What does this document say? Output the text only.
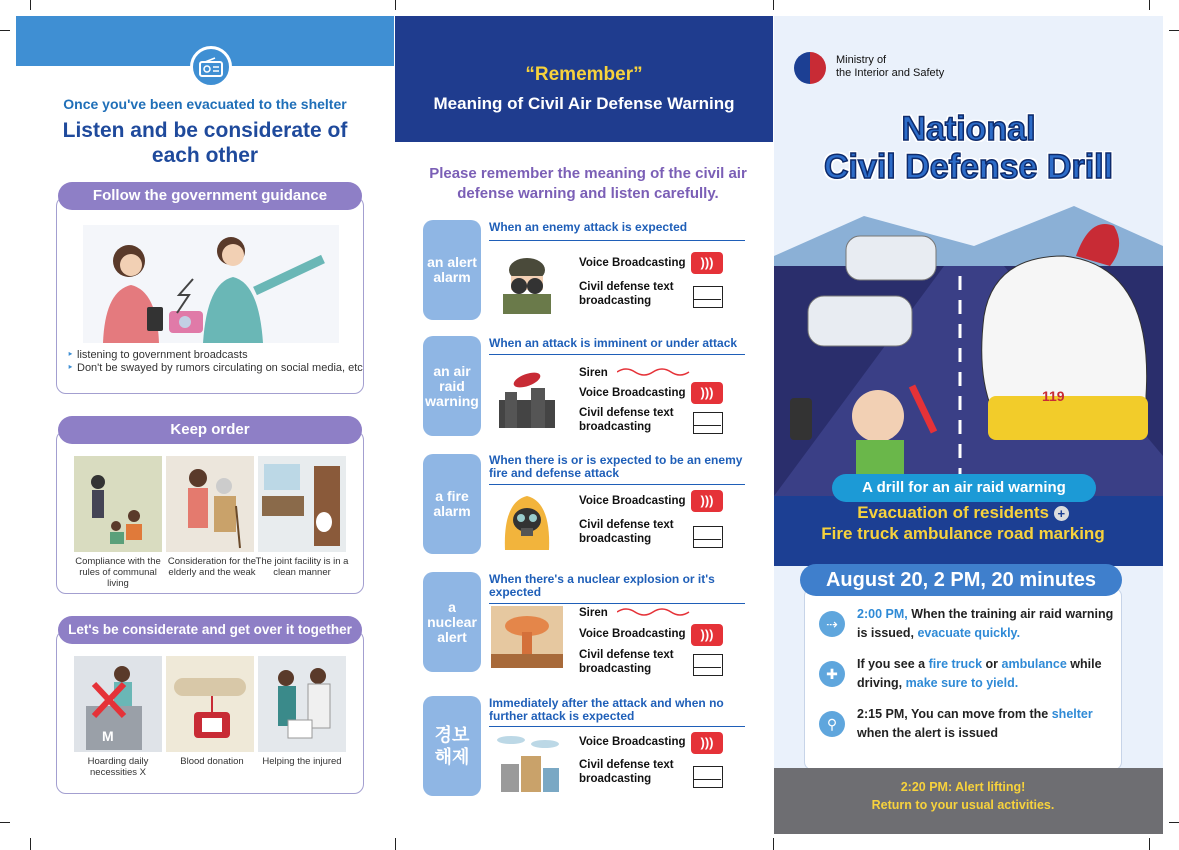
Once you've been evacuated to the shelter
Listen and be considerate of
each other
‣ listening to government broadcasts
‣ Don't be swayed by rumors circulating on social media, etc
Follow the government guidance
Keep order
Compliance with the rules of communal living
Consideration for the elderly and the weak
The joint facility is in a clean manner
Let's be considerate and get over it together
M
Hoarding daily necessities X
Blood donation	Helping the injured
“Remember”
Meaning of Civil Air Defense Warning
Please remember the meaning of the civil air defense warning and listen carefully.
an alert alarm
When an enemy attack is expected
Voice Broadcasting	)))
Civil defense text broadcasting
an air raid warning
When an attack is imminent or under attack
Siren
Voice Broadcasting	)))
Civil defense text broadcasting
a fire alarm
When there is or is expected to be an enemy fire and defense attack
Voice Broadcasting	)))
Civil defense text broadcasting
a nuclear alert
When there's a nuclear explosion or it's expected
Siren
Voice Broadcasting	)))
Civil defense text broadcasting
경보 해제
Immediately after the attack and when no further attack is expected
Voice Broadcasting	)))
Civil defense text broadcasting
Ministry of
the Interior and Safety
National
Civil Defense Drill
119
A drill for an air raid warning
Evacuation of residents +
Fire truck ambulance road marking
⇢
2:00 PM, When the training air raid warning is issued, evacuate quickly.
✚
If you see a fire truck or ambulance while driving, make sure to yield.
⚲
2:15 PM, You can move from the shelter when the alert is issued
August 20, 2 PM, 20 minutes
2:20 PM: Alert lifting!
Return to your usual activities.
